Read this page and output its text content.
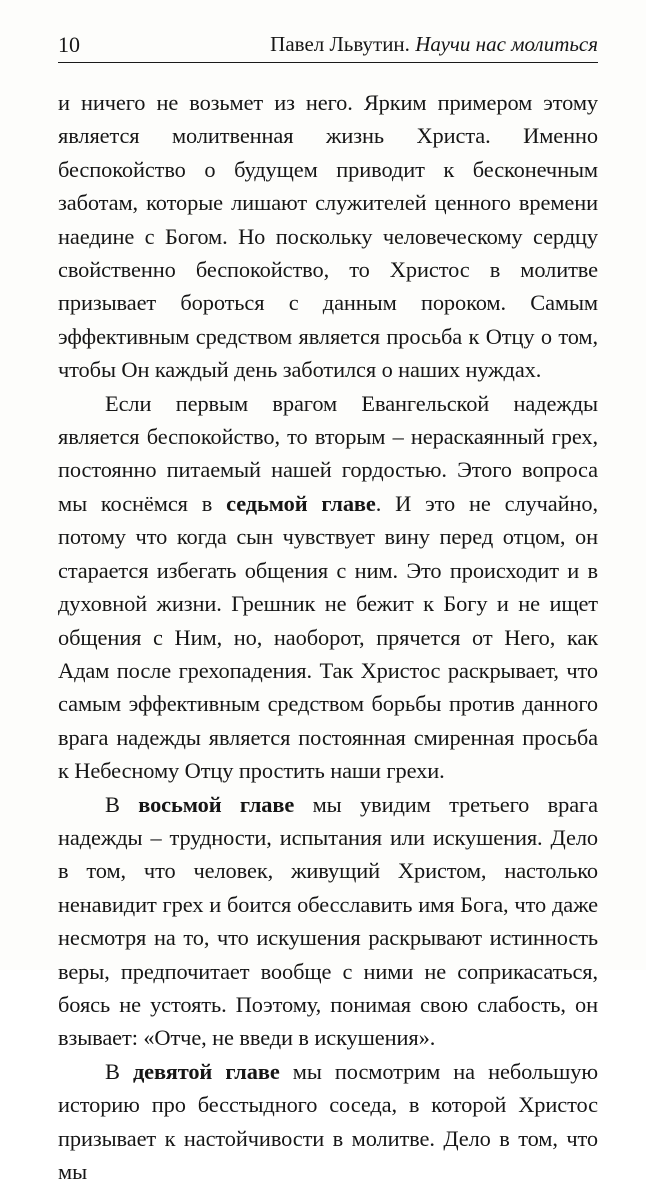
10	Павел Львутин. Научи нас молиться

и ничего не возьмет из него. Ярким примером этому является молитвенная жизнь Христа. Именно беспокойство о будущем приводит к бесконечным заботам, которые лишают служителей ценного времени наедине с Богом. Но поскольку человеческому сердцу свойственно беспокойство, то Христос в молитве призывает бороться с данным пороком. Самым эффективным средством является просьба к Отцу о том, чтобы Он каждый день заботился о наших нуждах.

Если первым врагом Евангельской надежды является беспокойство, то вторым – нераскаянный грех, постоянно питаемый нашей гордостью. Этого вопроса мы коснёмся в седьмой главе. И это не случайно, потому что когда сын чувствует вину перед отцом, он старается избегать общения с ним. Это происходит и в духовной жизни. Грешник не бежит к Богу и не ищет общения с Ним, но, наоборот, прячется от Него, как Адам после грехопадения. Так Христос раскрывает, что самым эффективным средством борьбы против данного врага надежды является постоянная смиренная просьба к Небесному Отцу простить наши грехи.

В восьмой главе мы увидим третьего врага надежды – трудности, испытания или искушения. Дело в том, что человек, живущий Христом, настолько ненавидит грех и боится обесславить имя Бога, что даже несмотря на то, что искушения раскрывают истинность веры, предпочитает вообще с ними не соприкасаться, боясь не устоять. Поэтому, понимая свою слабость, он взывает: «Отче, не введи в искушения».

В девятой главе мы посмотрим на небольшую историю про бесстыдного соседа, в которой Христос призывает к настойчивости в молитве. Дело в том, что мы
